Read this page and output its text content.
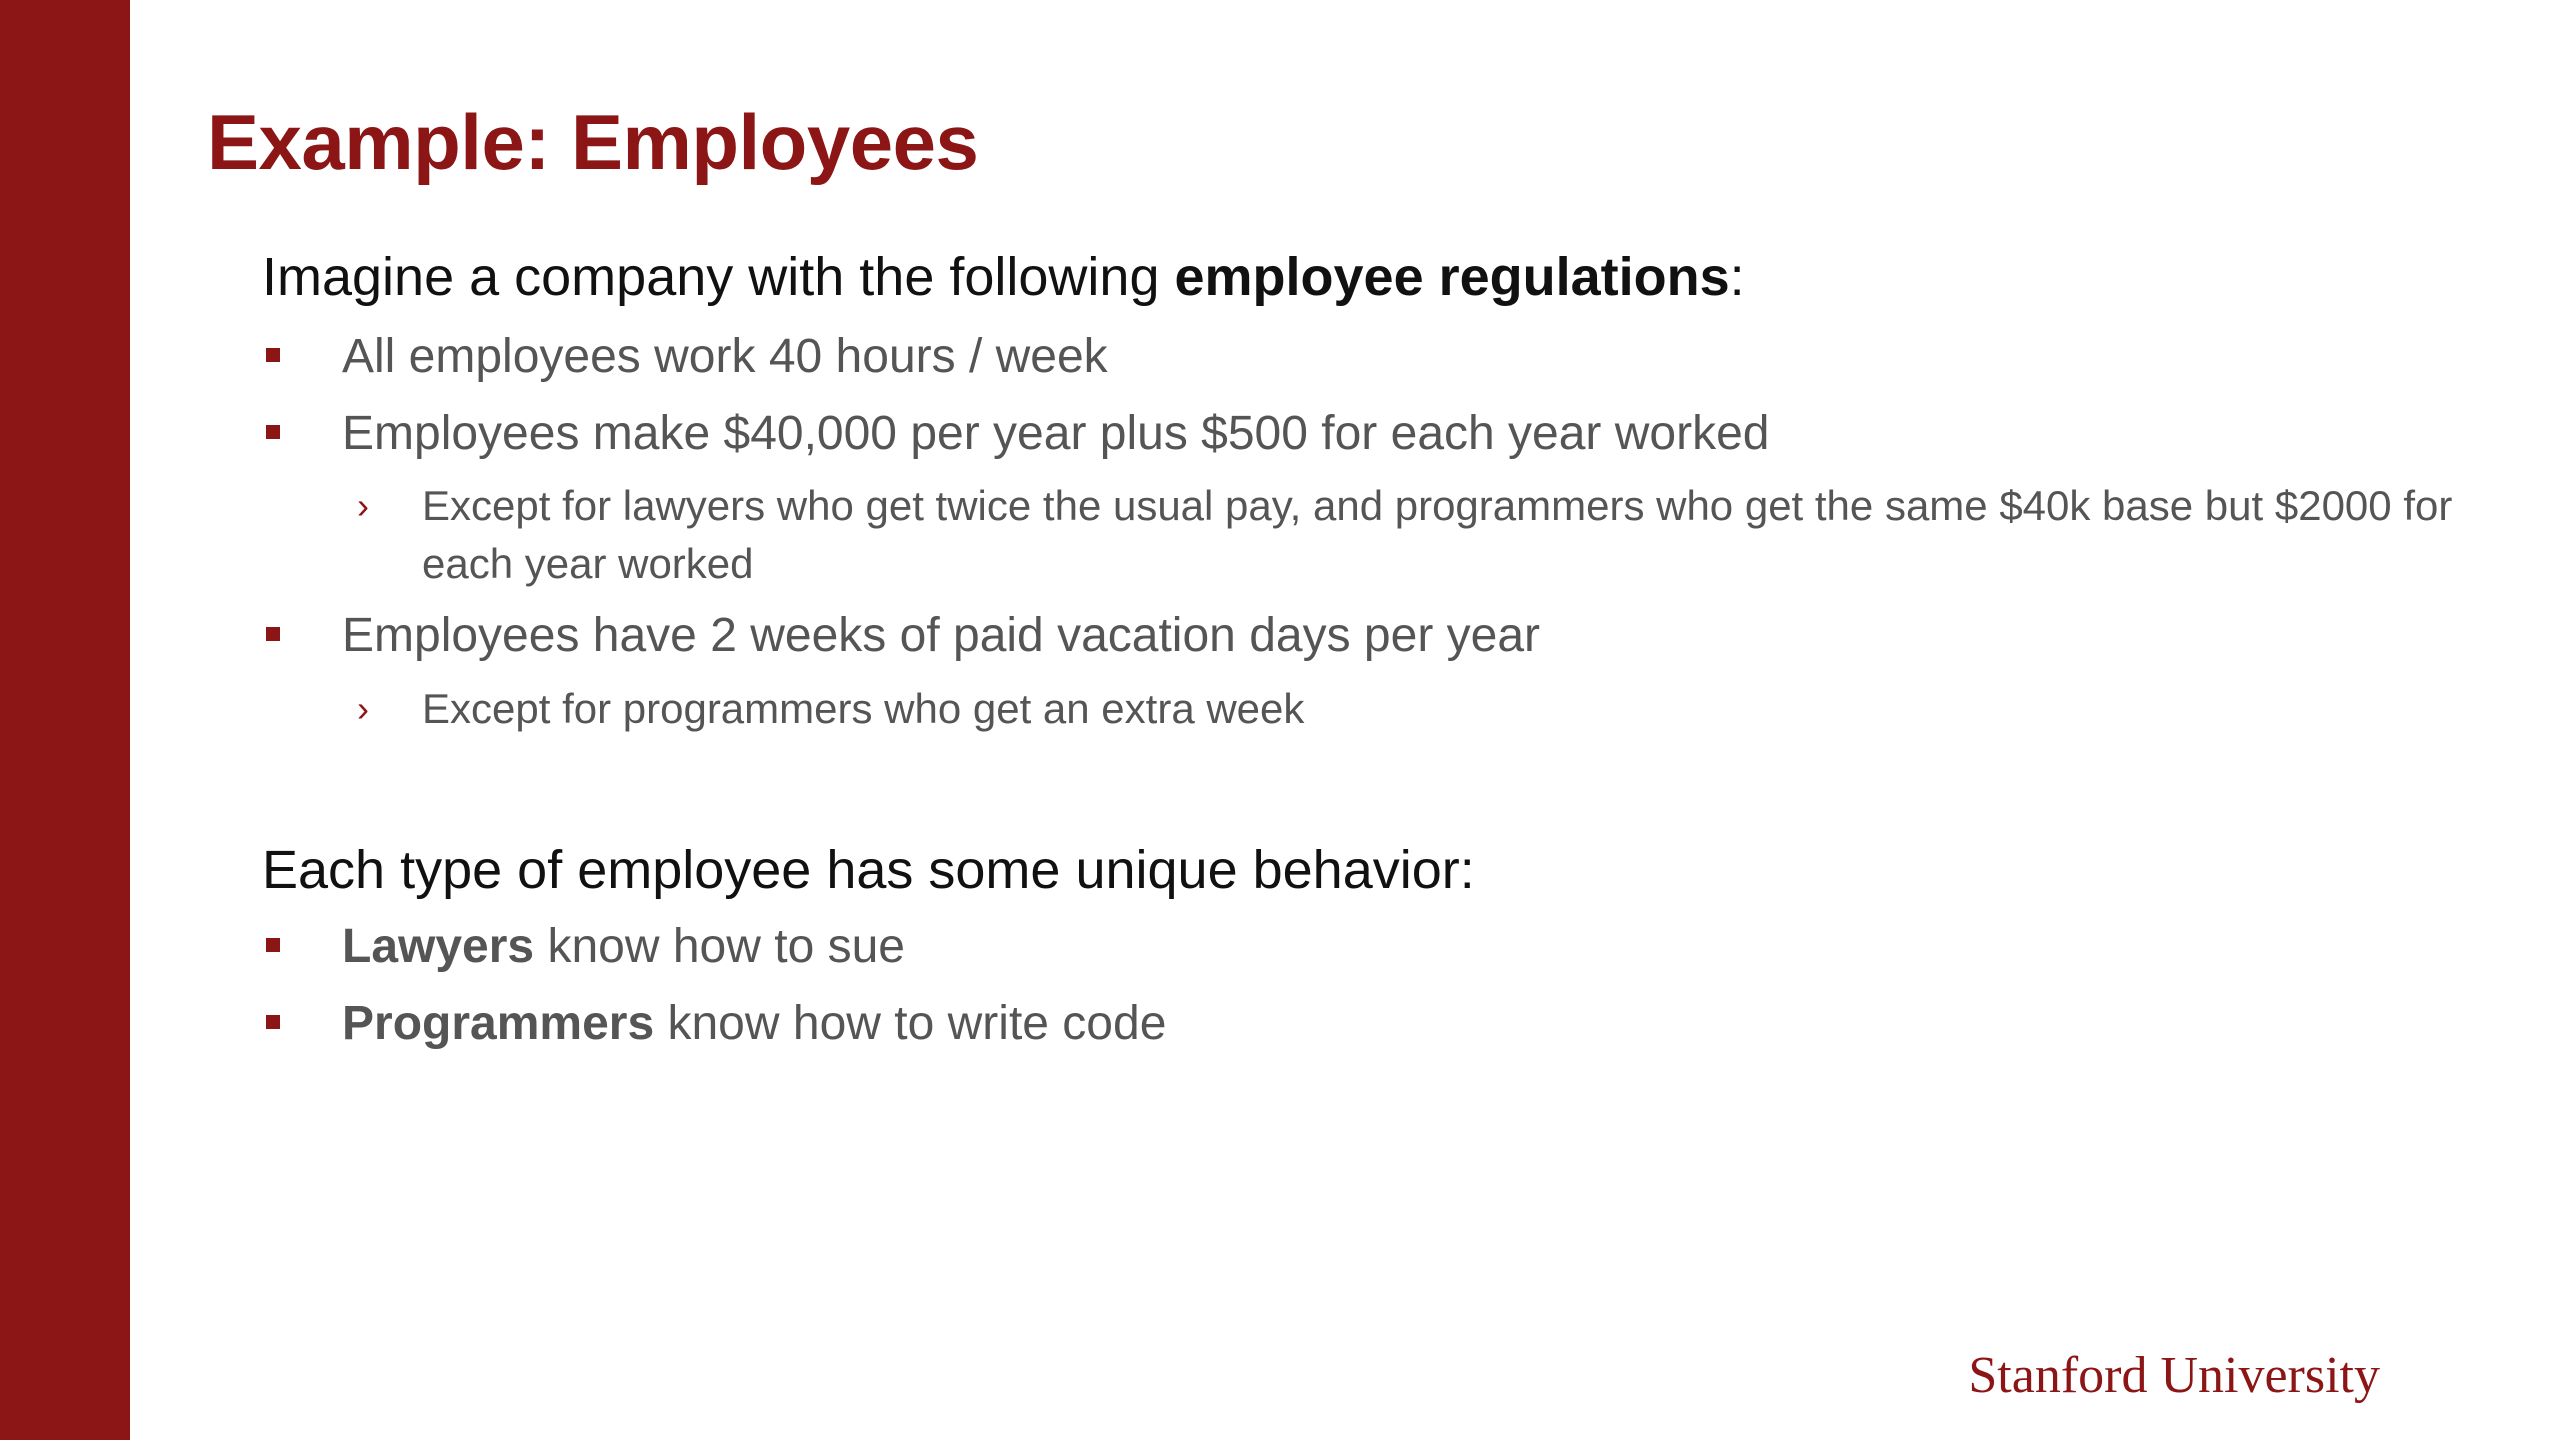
Example: Employees

Imagine a company with the following employee regulations:

All employees work 40 hours / week
Employees make $40,000 per year plus $500 for each year worked
› Except for lawyers who get twice the usual pay, and programmers who get the same $40k base but $2000 for each year worked
Employees have 2 weeks of paid vacation days per year
› Except for programmers who get an extra week

Each type of employee has some unique behavior:

Lawyers know how to sue
Programmers know how to write code
Stanford University
